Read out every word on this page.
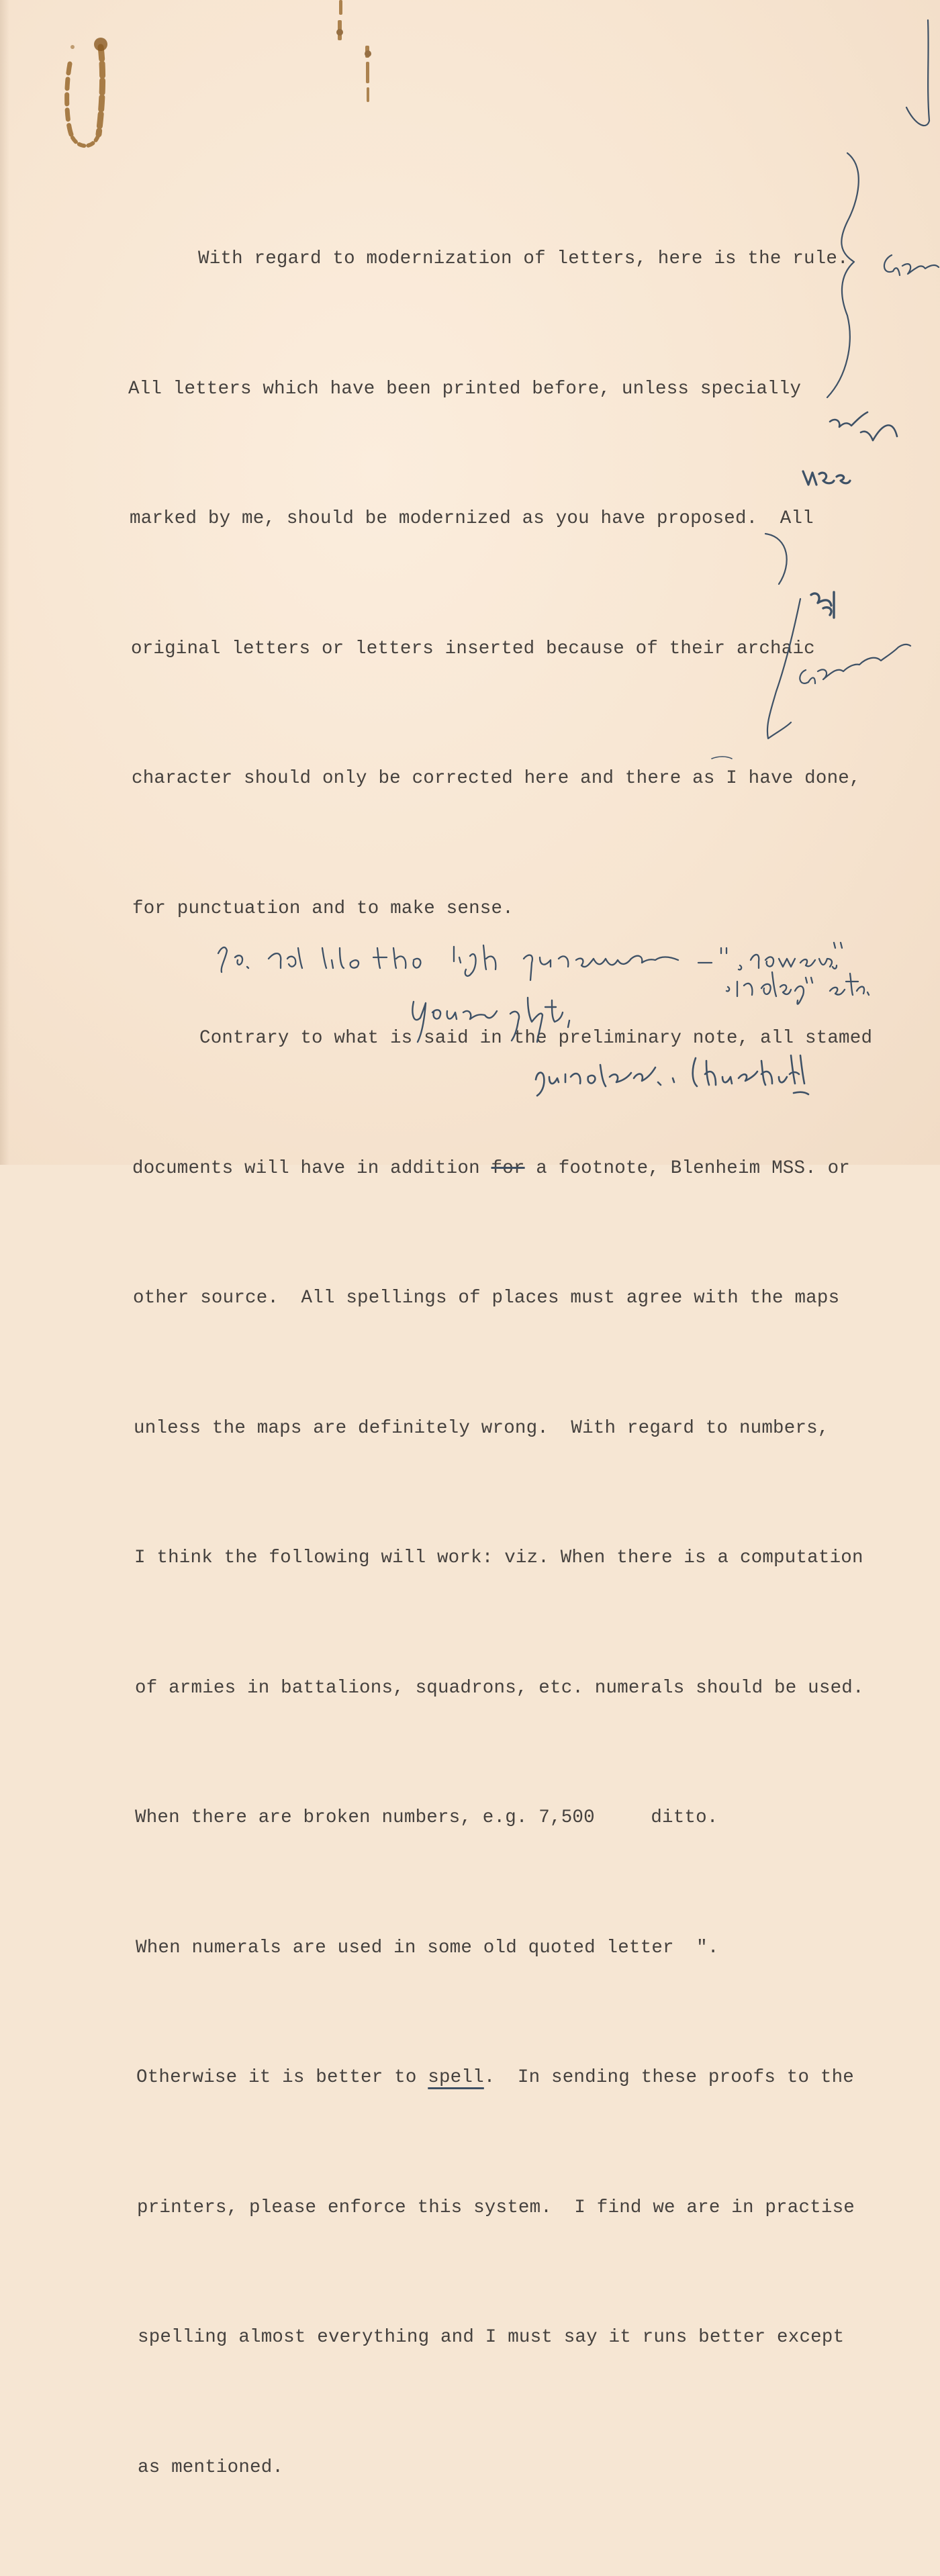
With regard to modernization of letters, here is the rule.

All letters which have been printed before, unless specially

marked by me, should be modernized as you have proposed.  All

original letters or letters inserted because of their archaic

character should only be corrected here and there as I have done,

for punctuation and to make sense.

Contrary to what is said in the preliminary note, all stamed

documents will have in addition for a footnote, Blenheim MSS. or

other source.  All spellings of places must agree with the maps

unless the maps are definitely wrong.  With regard to numbers,

I think the following will work: viz. When there is a computation

of armies in battalions, squadrons, etc. numerals should be used.

When there are broken numbers, e.g. 7,500     ditto.

When numerals are used in some old quoted letter  ".

Otherwise it is better to spell.  In sending these proofs to the

printers, please enforce this system.  I find we are in practise

spelling almost everything and I must say it runs better except

as mentioned.
